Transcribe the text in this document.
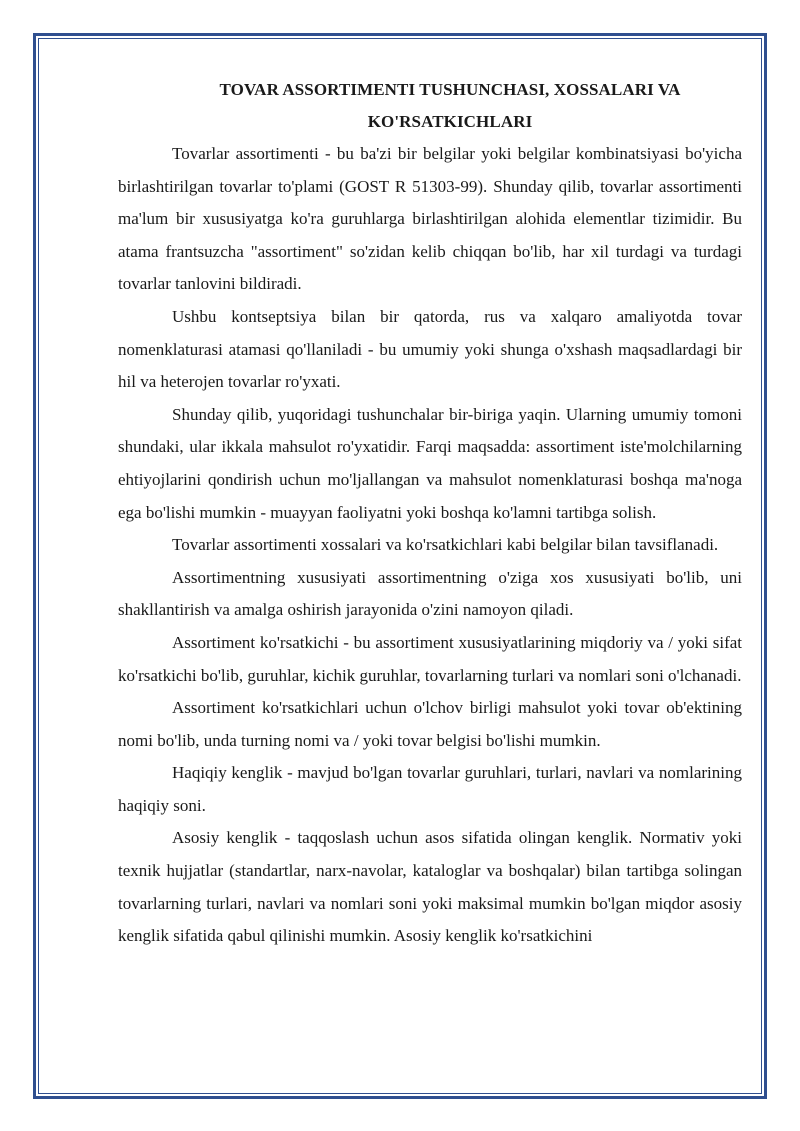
TOVAR ASSORTIMENTI TUSHUNCHASI, XOSSALARI VA KO'RSATKICHLARI

Tovarlar assortimenti - bu ba'zi bir belgilar yoki belgilar kombinatsiyasi bo'yicha birlashtirilgan tovarlar to'plami (GOST R 51303-99). Shunday qilib, tovarlar assortimenti ma'lum bir xususiyatga ko'ra guruhlarga birlashtirilgan alohida elementlar tizimidir. Bu atama frantsuzcha "assortiment" so'zidan kelib chiqqan bo'lib, har xil turdagi va turdagi tovarlar tanlovini bildiradi.

Ushbu kontseptsiya bilan bir qatorda, rus va xalqaro amaliyotda tovar nomenklaturasi atamasi qo'llaniladi - bu umumiy yoki shunga o'xshash maqsadlardagi bir hil va heterojen tovarlar ro'yxati.

Shunday qilib, yuqoridagi tushunchalar bir-biriga yaqin. Ularning umumiy tomoni shundaki, ular ikkala mahsulot ro'yxatidir. Farqi maqsadda: assortiment iste'molchilarning ehtiyojlarini qondirish uchun mo'ljallangan va mahsulot nomenklaturasi boshqa ma'noga ega bo'lishi mumkin - muayyan faoliyatni yoki boshqa ko'lamni tartibga solish.

Tovarlar assortimenti xossalari va ko'rsatkichlari kabi belgilar bilan tavsiflanadi.

Assortimentning xususiyati assortimentning o'ziga xos xususiyati bo'lib, uni shakllantirish va amalga oshirish jarayonida o'zini namoyon qiladi.

Assortiment ko'rsatkichi - bu assortiment xususiyatlarining miqdoriy va / yoki sifat ko'rsatkichi bo'lib, guruhlar, kichik guruhlar, tovarlarning turlari va nomlari soni o'lchanadi.

Assortiment ko'rsatkichlari uchun o'lchov birligi mahsulot yoki tovar ob'ektining nomi bo'lib, unda turning nomi va / yoki tovar belgisi bo'lishi mumkin.

Haqiqiy kenglik - mavjud bo'lgan tovarlar guruhlari, turlari, navlari va nomlarining haqiqiy soni.

Asosiy kenglik - taqqoslash uchun asos sifatida olingan kenglik. Normativ yoki texnik hujjatlar (standartlar, narx-navolar, kataloglar va boshqalar) bilan tartibga solingan tovarlarning turlari, navlari va nomlari soni yoki maksimal mumkin bo'lgan miqdor asosiy kenglik sifatida qabul qilinishi mumkin. Asosiy kenglik ko'rsatkichini
